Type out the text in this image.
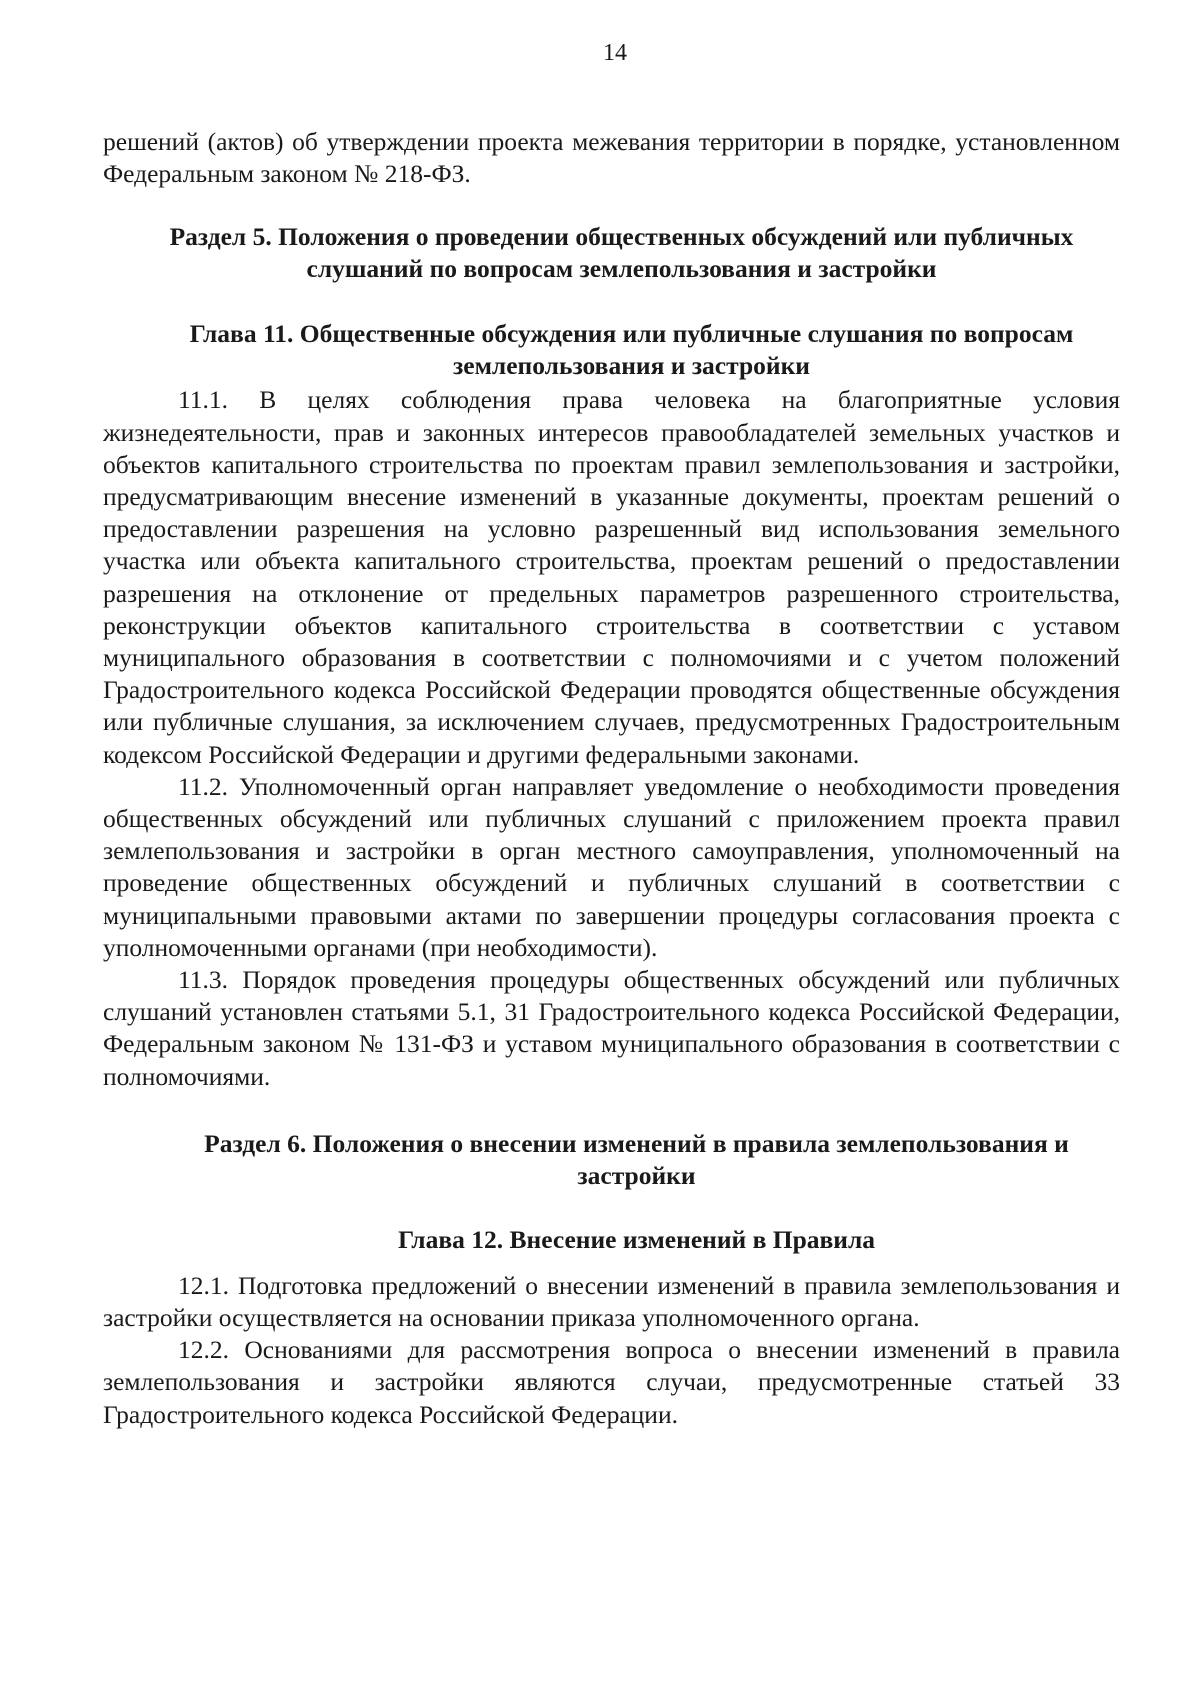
14

решений (актов) об утверждении проекта межевания территории в порядке, установленном Федеральным законом № 218-ФЗ.

Раздел 5. Положения о проведении общественных обсуждений или публичных слушаний по вопросам землепользования и застройки
Глава 11. Общественные обсуждения или публичные слушания по вопросам землепользования и застройки

11.1. В целях соблюдения права человека на благоприятные условия жизнедеятельности, прав и законных интересов правообладателей земельных участков и объектов капитального строительства по проектам правил землепользования и застройки, предусматривающим внесение изменений в указанные документы, проектам решений о предоставлении разрешения на условно разрешенный вид использования земельного участка или объекта капитального строительства, проектам решений о предоставлении разрешения на отклонение от предельных параметров разрешенного строительства, реконструкции объектов капитального строительства в соответствии с уставом муниципального образования в соответствии с полномочиями и с учетом положений Градостроительного кодекса Российской Федерации проводятся общественные обсуждения или публичные слушания, за исключением случаев, предусмотренных Градостроительным кодексом Российской Федерации и другими федеральными законами.

11.2. Уполномоченный орган направляет уведомление о необходимости проведения общественных обсуждений или публичных слушаний с приложением проекта правил землепользования и застройки в орган местного самоуправления, уполномоченный на проведение общественных обсуждений и публичных слушаний в соответствии с муниципальными правовыми актами по завершении процедуры согласования проекта с уполномоченными органами (при необходимости).

11.3. Порядок проведения процедуры общественных обсуждений или публичных слушаний установлен статьями 5.1, 31 Градостроительного кодекса Российской Федерации, Федеральным законом № 131-ФЗ и уставом муниципального образования в соответствии с полномочиями.

Раздел 6. Положения о внесении изменений в правила землепользования и застройки
Глава 12. Внесение изменений в Правила

12.1. Подготовка предложений о внесении изменений в правила землепользования и застройки осуществляется на основании приказа уполномоченного органа.

12.2. Основаниями для рассмотрения вопроса о внесении изменений в правила землепользования и застройки являются случаи, предусмотренные статьей 33 Градостроительного кодекса Российской Федерации.
